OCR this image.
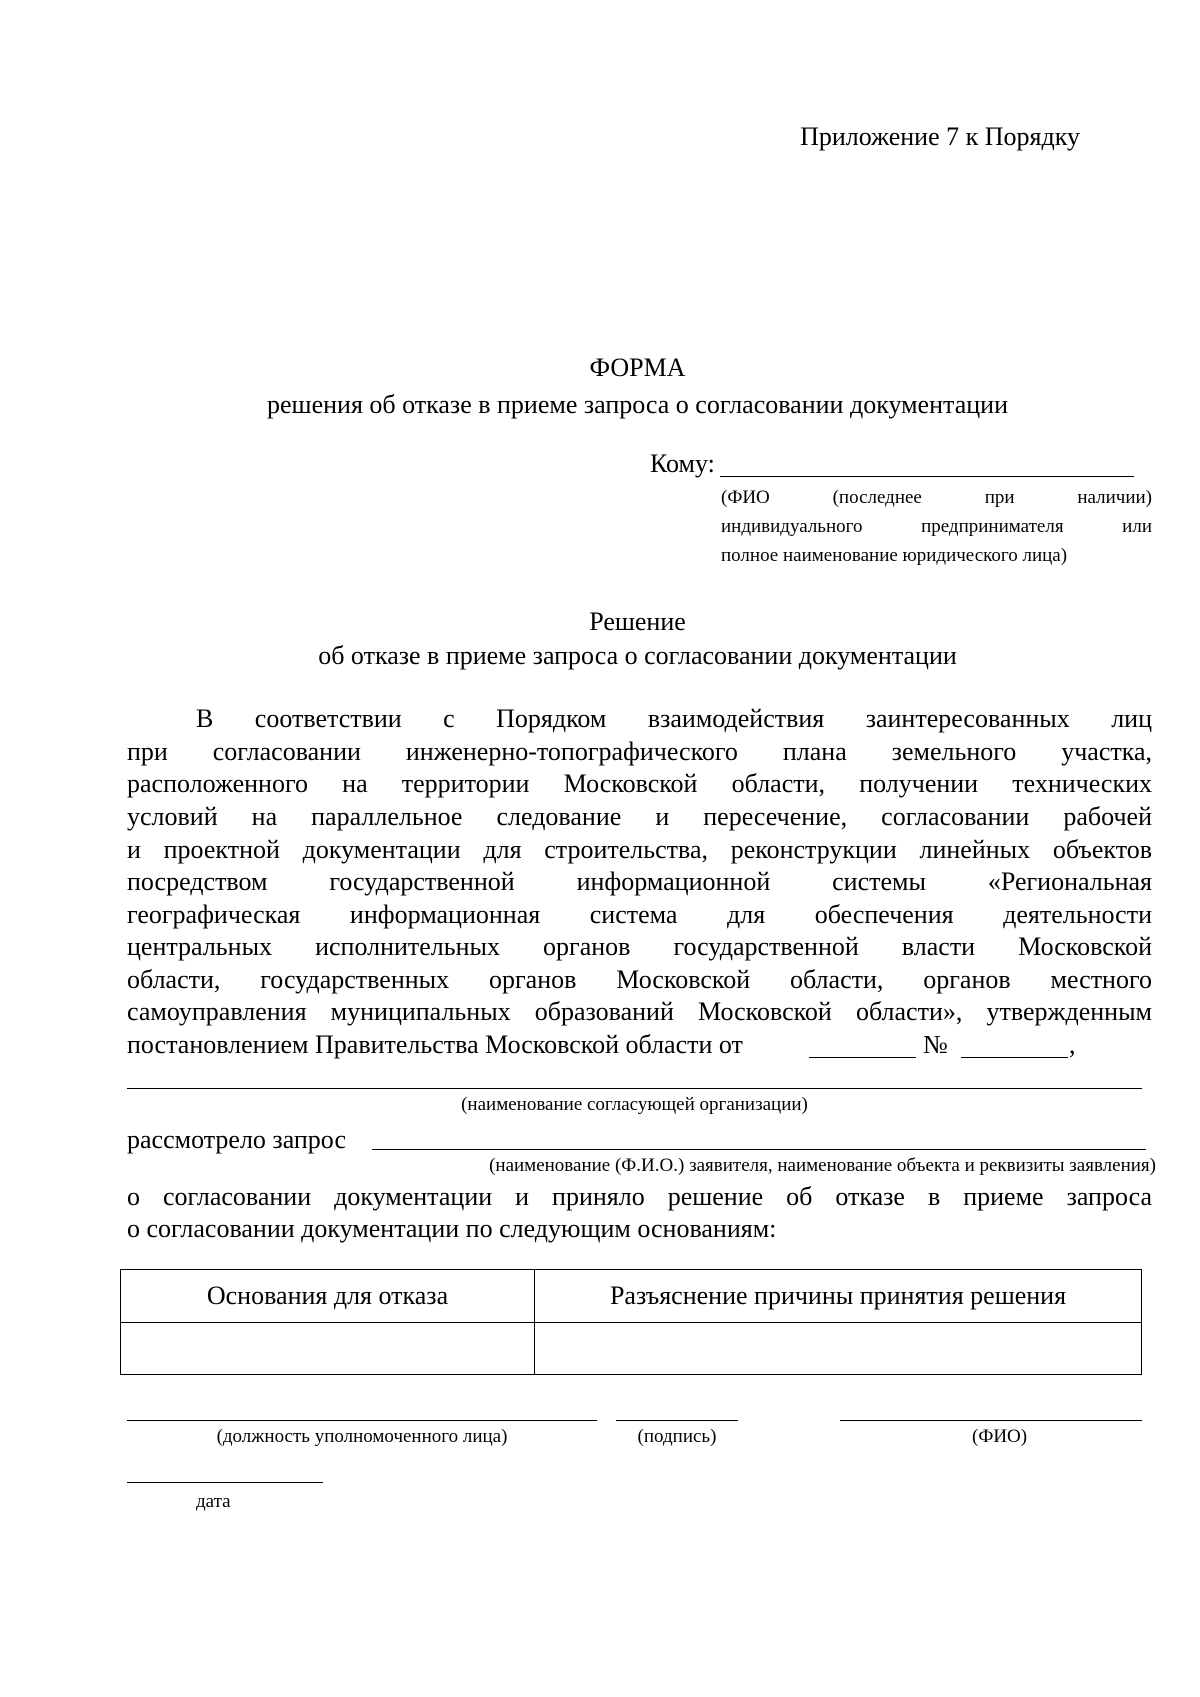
Приложение 7 к Порядку
ФОРМА
решения об отказе в приеме запроса о согласовании документации
Кому:
(ФИО (последнее при наличии)
индивидуального предпринимателя или
полное наименование юридического лица)
Решение
об отказе в приеме запроса о согласовании документации
В соответствии с Порядком взаимодействия заинтересованных лиц
при согласовании инженерно-топографического плана земельного участка,
расположенного на территории Московской области, получении технических
условий на параллельное следование и пересечение, согласовании рабочей
и проектной документации для строительства, реконструкции линейных объектов
посредством государственной информационной системы «Региональная
географическая информационная система для обеспечения деятельности
центральных исполнительных органов государственной власти Московской
области, государственных органов Московской области, органов местного
самоуправления муниципальных образований Московской области», утвержденным
постановлением Правительства Московской области от	№	,
(наименование согласующей организации)
рассмотрело запрос
(наименование (Ф.И.О.) заявителя, наименование объекта и реквизиты заявления)
о согласовании документации и приняло решение об отказе в приеме запроса
о согласовании документации по следующим основаниям:
Основания для отказа	Разъяснение причины принятия решения

(должность уполномоченного лица)	(подпись)	(ФИО)
дата
